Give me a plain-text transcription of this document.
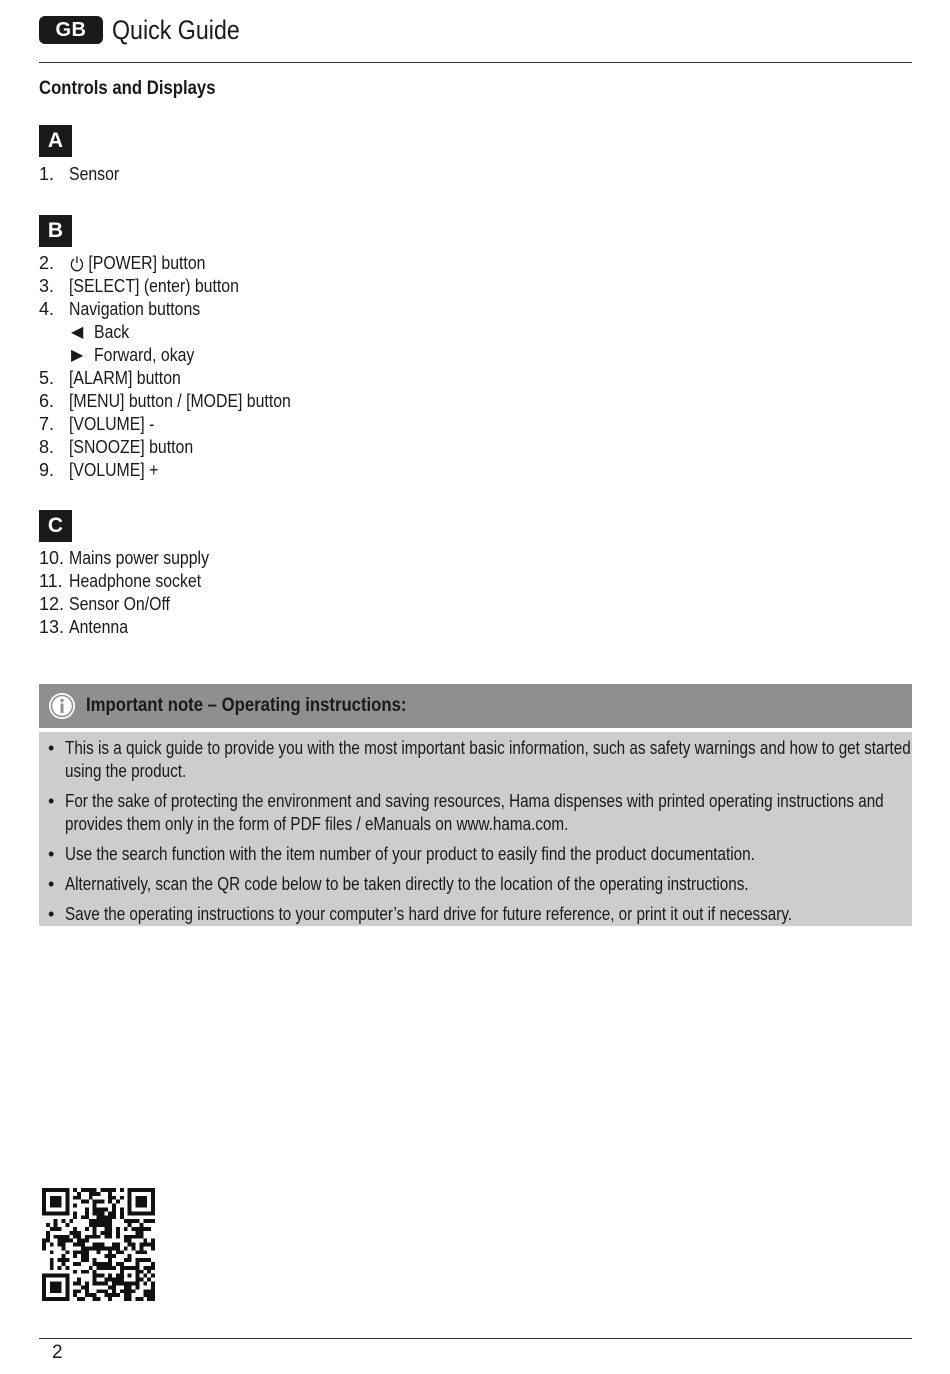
GB Quick Guide
Controls and Displays
A
1. Sensor
B
2.	[POWER] button
3. [SELECT] (enter) button
4. Navigation buttons
◀ Back
▶ Forward, okay
5. [ALARM] button
6. [MENU] button / [MODE] button
7. [VOLUME] -
8. [SNOOZE] button
9. [VOLUME] +
C
10. Mains power supply
11. Headphone socket
12. Sensor On/Off
13. Antenna
Important note – Operating instructions:
• This is a quick guide to provide you with the most important basic information, such as safety warnings and how to get started using the product.
• For the sake of protecting the environment and saving resources, Hama dispenses with printed operating instructions and provides them only in the form of PDF files / eManuals on www.hama.com.
• Use the search function with the item number of your product to easily find the product documentation.
• Alternatively, scan the QR code below to be taken directly to the location of the operating instructions.
• Save the operating instructions to your computer’s hard drive for future reference, or print it out if necessary.
2
